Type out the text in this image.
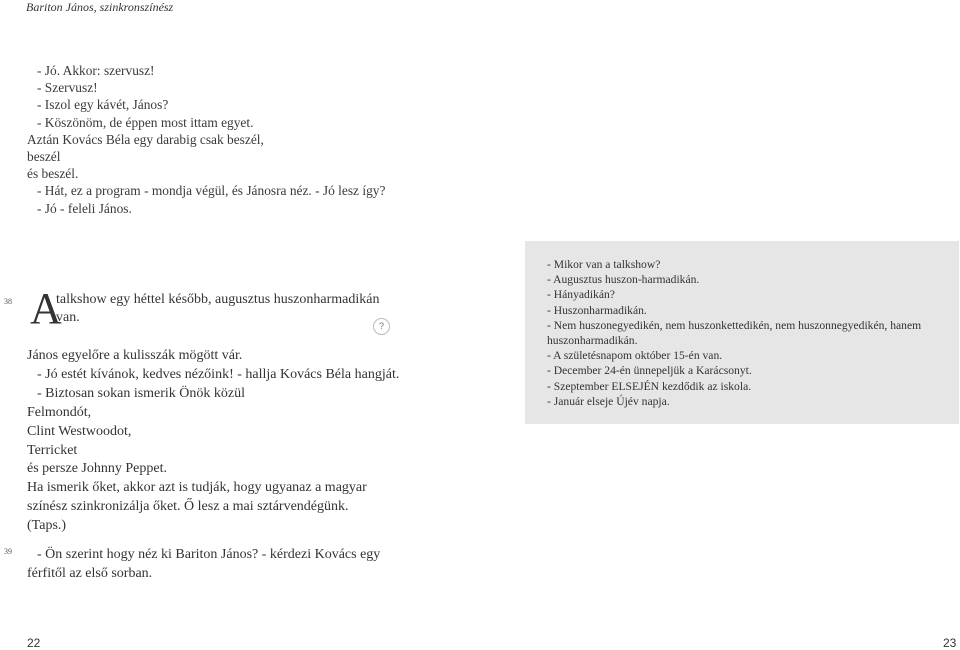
Bariton János, szinkronszínész
- Jó. Akkor: szervusz!
- Szervusz!
- Iszol egy kávét, János?
- Köszönöm, de éppen most ittam egyet.
Aztán Kovács Béla egy darabig csak beszél,
beszél
és beszél.
- Hát, ez a program - mondja végül, és Jánosra néz. - Jó lesz így?
- Jó - feleli János.
38
39
A
talkshow egy héttel később, augusztus huszonharmadikán
van.
?
János egyelőre a kulisszák mögött vár.
- Jó estét kívánok, kedves nézőink! - hallja Kovács Béla hangját.
- Biztosan sokan ismerik Önök közül
Felmondót,
Clint Westwoodot,
Terricket
és persze Johnny Peppet.
Ha ismerik őket, akkor azt is tudják, hogy ugyanaz a magyar
színész szinkronizálja őket. Ő lesz a mai sztárvendégünk.
(Taps.)
- Ön szerint hogy néz ki Bariton János? - kérdezi Kovács egy
férfitől az első sorban.
- Mikor van a talkshow?
- Augusztus huszon-harmadikán.
- Hányadikán?
- Huszonharmadikán.
- Nem huszonegyedikén, nem huszonkettedikén, nem huszonnegyedikén, hanem
huszonharmadikán.
- A születésnapom október 15-én van.
- December 24-én ünnepeljük a Karácsonyt.
- Szeptember ELSEJÉN kezdődik az iskola.
- Január elseje Újév napja.
22	23
